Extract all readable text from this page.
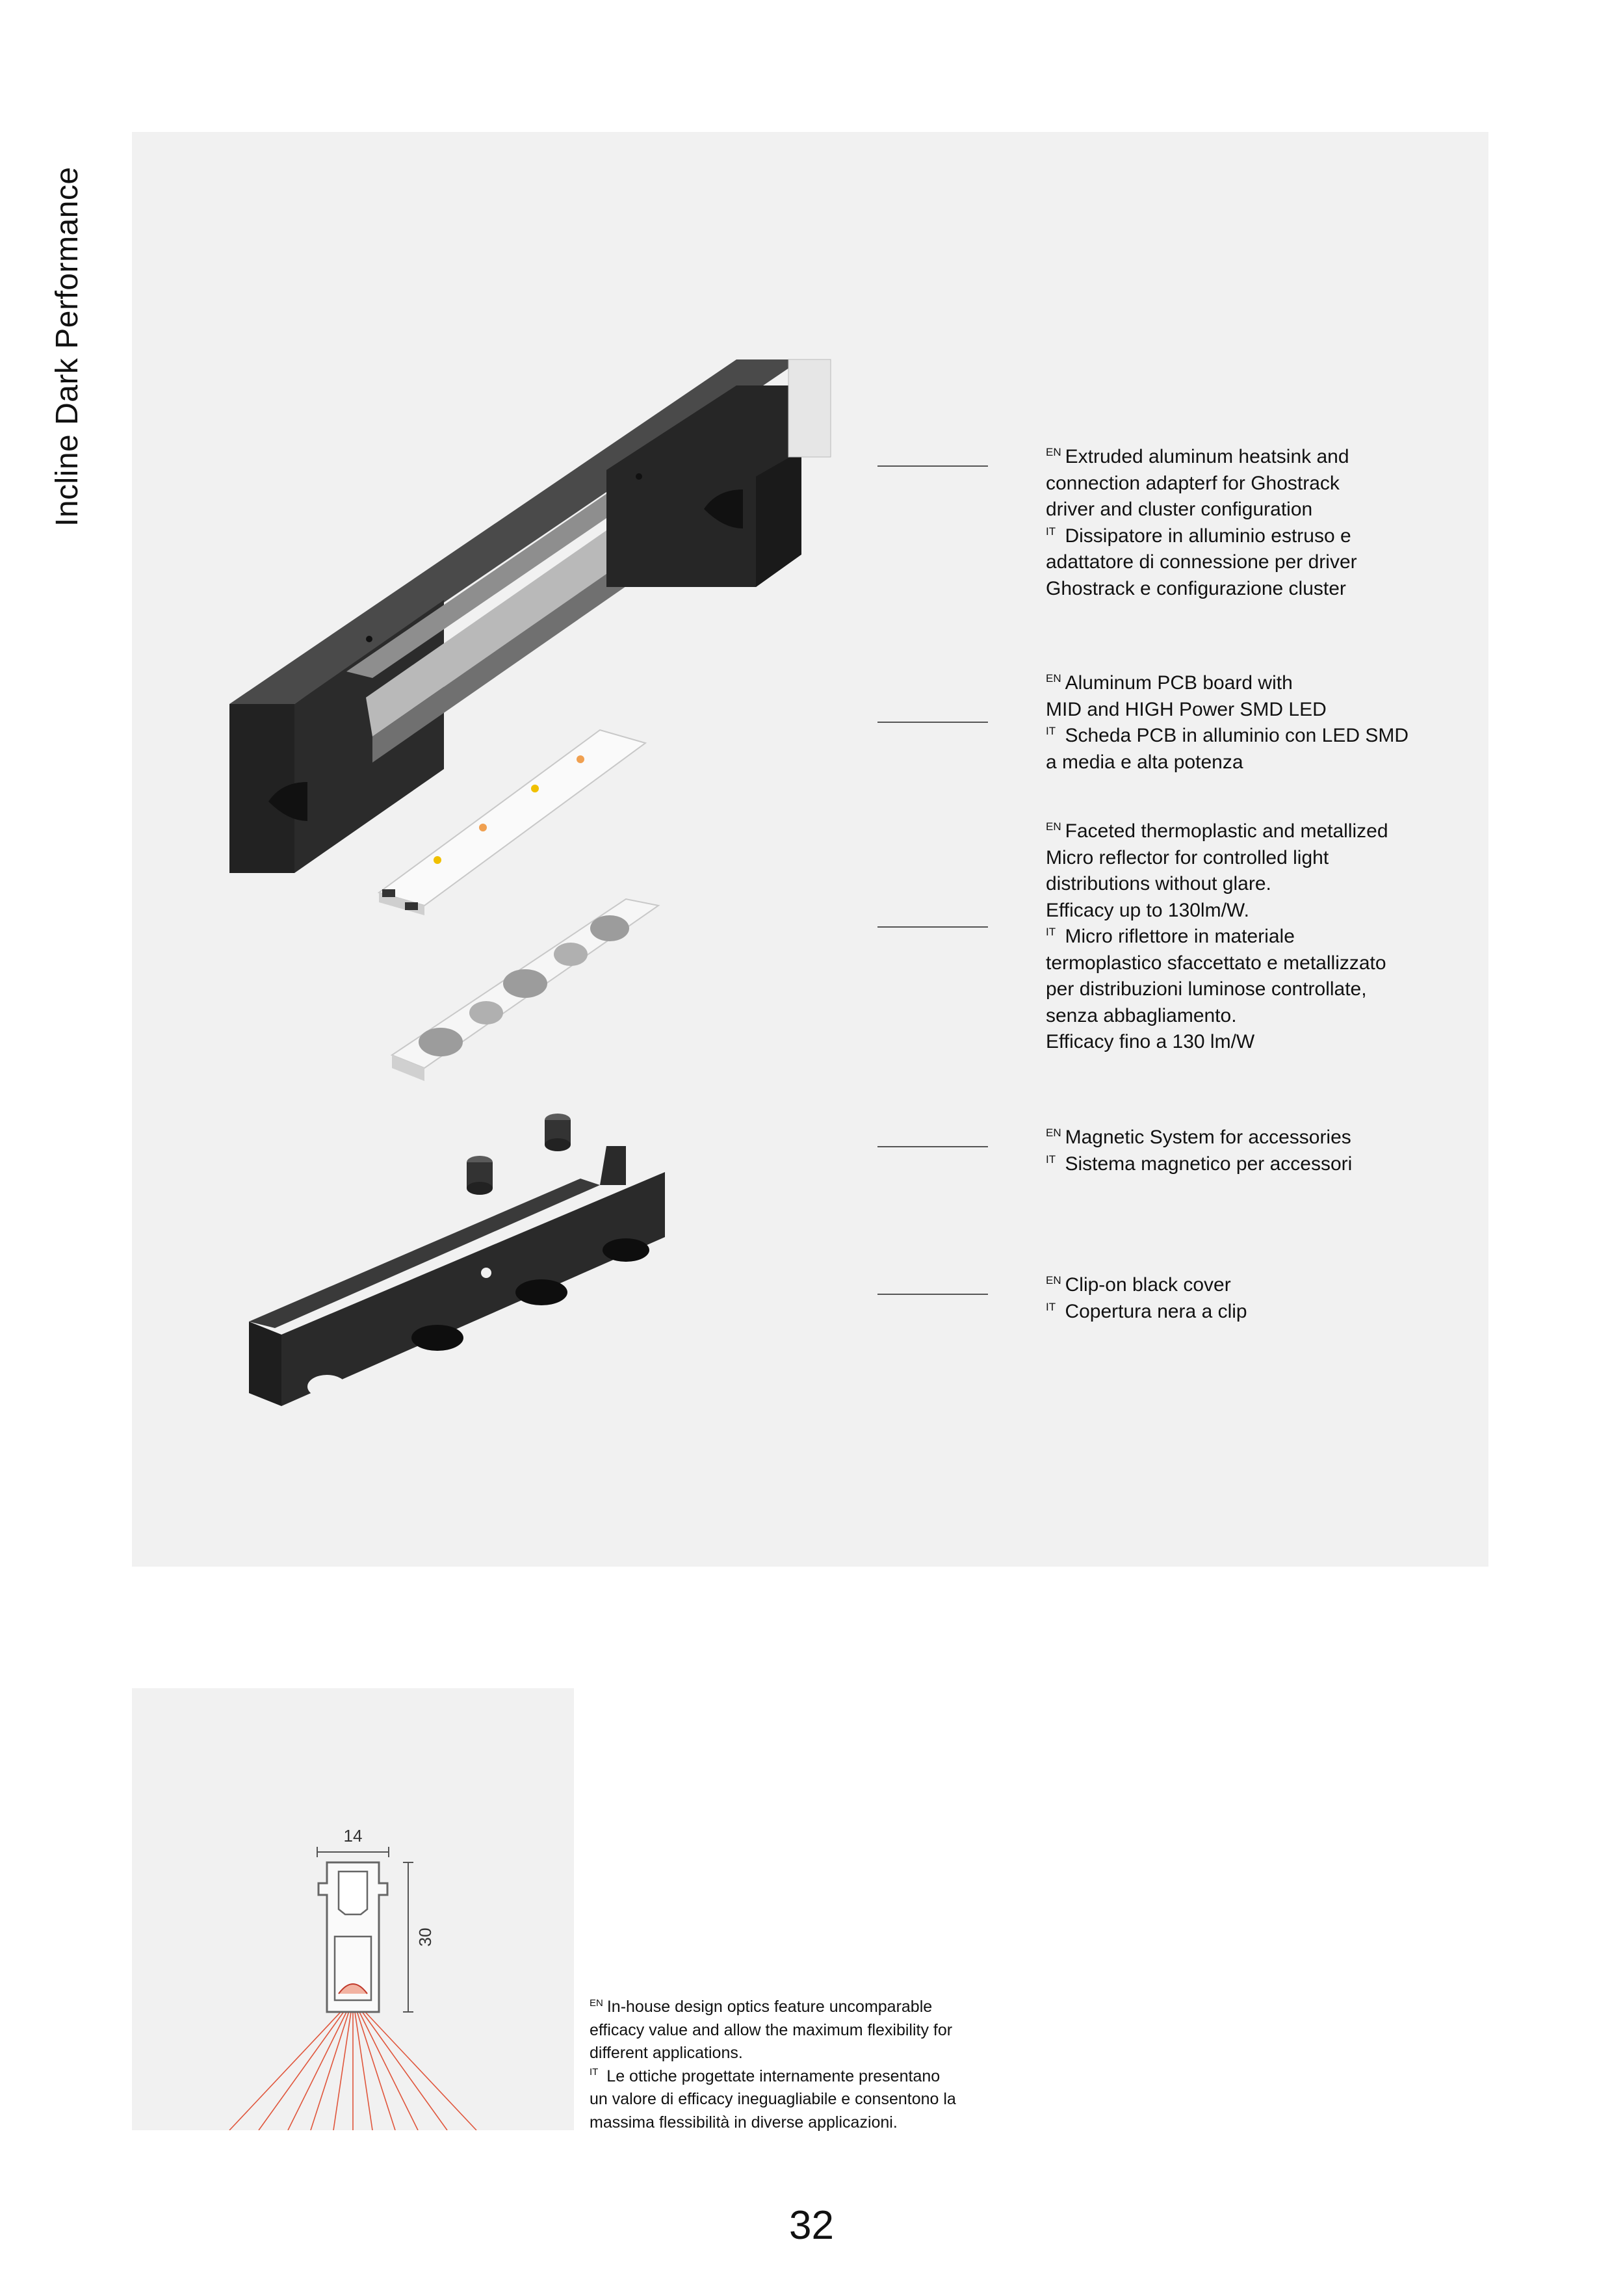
Incline Dark Performance	$^{EN}$ Extruded aluminum heatsink and
connection adapterf for Ghostrack
driver and cluster configuration
$^{IT}$ Dissipatore in alluminio estruso e
adattatore di connessione per driver
Ghostrack e configurazione cluster
$^{EN}$ Aluminum PCB board with
MID and HIGH Power SMD LED
$^{IT}$ Scheda PCB in alluminio con LED SMD
a media e alta potenza
$^{EN}$ Faceted thermoplastic and metallized
Micro reflector for controlled light
distributions without glare.
Efficacy up to 130lm/W.
$^{IT}$ Micro riflettore in materiale
termoplastico sfaccettato e metallizzato
per distribuzioni luminose controllate,
senza abbagliamento.
Efficacy fino a 130 lm/W
$^{EN}$ Magnetic System for accessories
$^{IT}$ Sistema magnetico per accessori
$^{EN}$ Clip-on black cover
$^{IT}$ Copertura nera a clip
14
30
$^{EN}$ In-house design optics feature uncomparable
efficacy value and allow the maximum flexibility for
different applications.
$^{IT}$ Le ottiche progettate internamente presentano
un valore di efficacy ineguagliabile e consentono la
massima flessibilità in diverse applicazioni.
32
